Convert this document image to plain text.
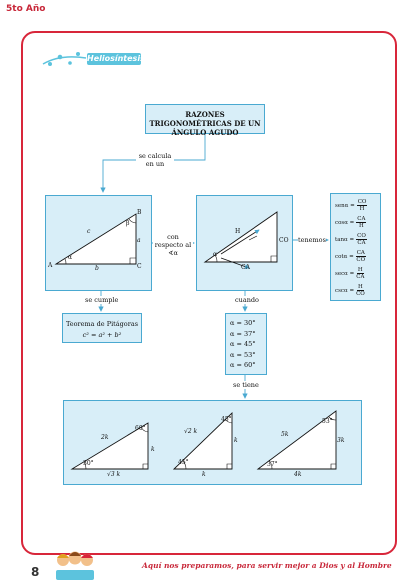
5to Año
Heliosíntesis
RAZONES TRIGONOMÉTRICAS DE UN ÁNGULO AGUDO
se calcula en un
A
B
C
c
a
b
α
β
con respecto al ∢α
H
CO
CA
α
tenemos
$sen\alpha = \frac{CO}{H}$
$\cos\alpha = \frac{CA}{H}$
$\tan\alpha = \frac{CO}{CA}$
$\cot\alpha = \frac{CA}{CO}$
$\sec\alpha = \frac{H}{CA}$
$\csc\alpha = \frac{H}{CO}$
se cumple	cuando
Teorema de Pitágoras
c² = a² + b²
α = 30°
α = 37°
α = 45°
α = 53°
α = 60°
se tiene
2k
60°
30°
k
√3 k
√2 k
45°
45°
k
k
5k
53°
37°
3k
4k
8	Aquí nos preparamos, para servir mejor a Dios y al Hombre
